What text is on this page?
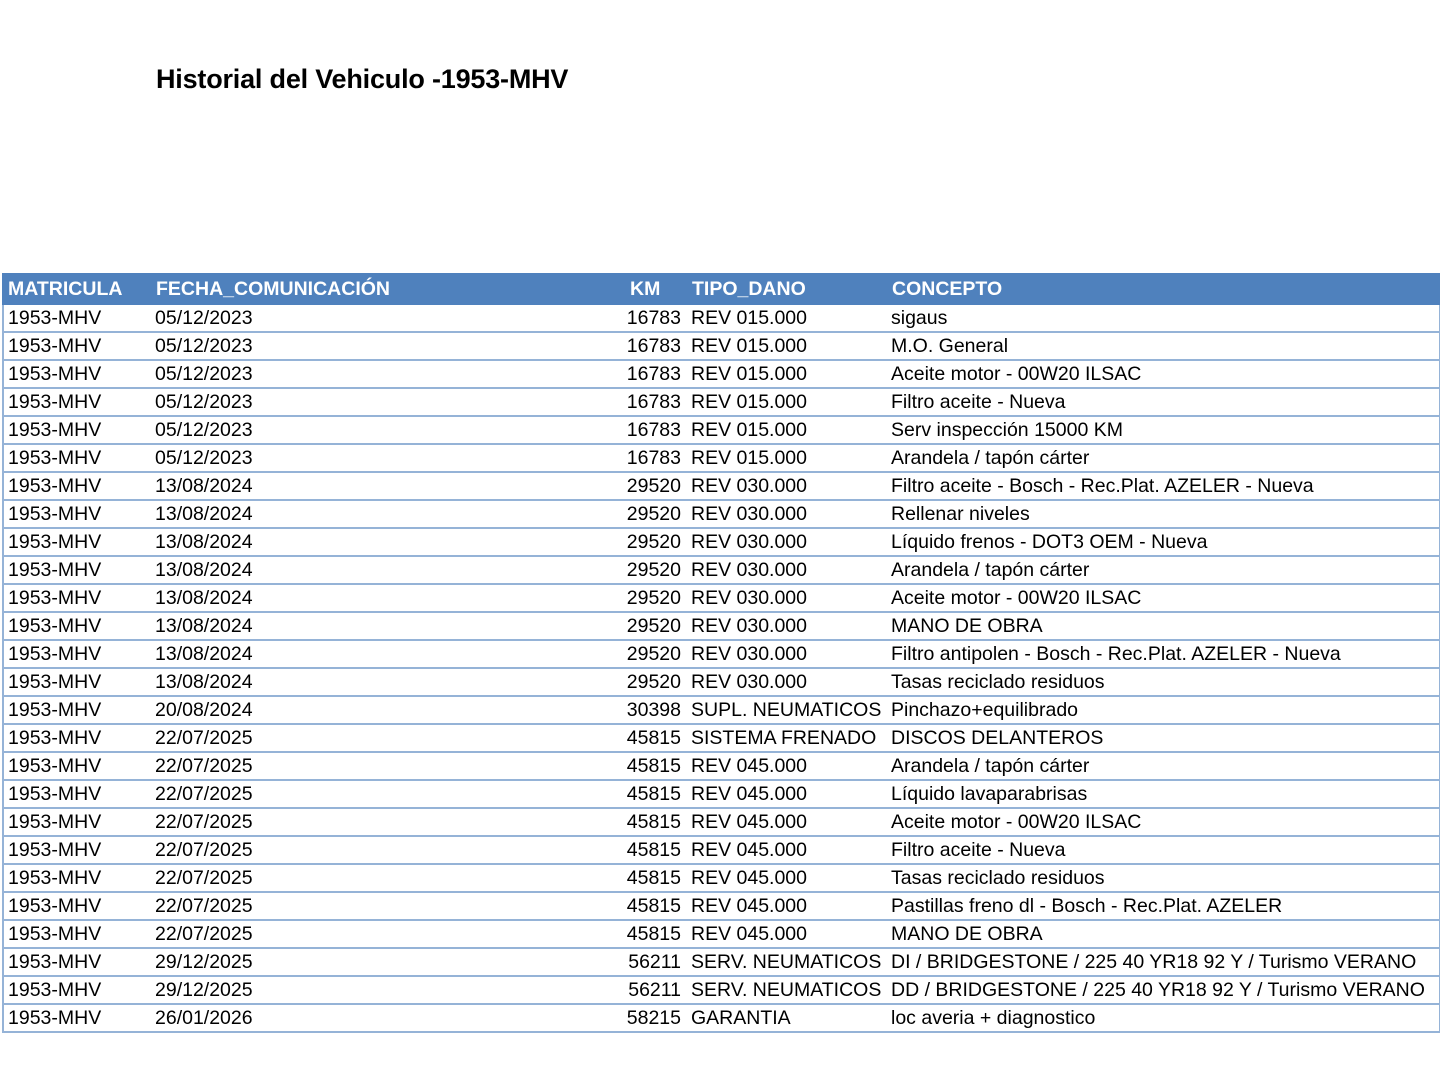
Historial del Vehiculo -1953-MHV
MATRICULA	FECHA_COMUNICACIÓN	KM	TIPO_DANO	CONCEPTO
1953-MHV	05/12/2023	16783	REV 015.000	sigaus
1953-MHV	05/12/2023	16783	REV 015.000	M.O. General
1953-MHV	05/12/2023	16783	REV 015.000	Aceite motor - 00W20 ILSAC
1953-MHV	05/12/2023	16783	REV 015.000	Filtro aceite - Nueva
1953-MHV	05/12/2023	16783	REV 015.000	Serv inspección 15000 KM
1953-MHV	05/12/2023	16783	REV 015.000	Arandela / tapón cárter
1953-MHV	13/08/2024	29520	REV 030.000	Filtro aceite - Bosch - Rec.Plat. AZELER - Nueva
1953-MHV	13/08/2024	29520	REV 030.000	Rellenar niveles
1953-MHV	13/08/2024	29520	REV 030.000	Líquido frenos - DOT3 OEM - Nueva
1953-MHV	13/08/2024	29520	REV 030.000	Arandela / tapón cárter
1953-MHV	13/08/2024	29520	REV 030.000	Aceite motor - 00W20 ILSAC
1953-MHV	13/08/2024	29520	REV 030.000	MANO DE OBRA
1953-MHV	13/08/2024	29520	REV 030.000	Filtro antipolen - Bosch - Rec.Plat. AZELER - Nueva
1953-MHV	13/08/2024	29520	REV 030.000	Tasas reciclado residuos
1953-MHV	20/08/2024	30398	SUPL. NEUMATICOS	Pinchazo+equilibrado
1953-MHV	22/07/2025	45815	SISTEMA FRENADO	DISCOS DELANTEROS
1953-MHV	22/07/2025	45815	REV 045.000	Arandela / tapón cárter
1953-MHV	22/07/2025	45815	REV 045.000	Líquido lavaparabrisas
1953-MHV	22/07/2025	45815	REV 045.000	Aceite motor - 00W20 ILSAC
1953-MHV	22/07/2025	45815	REV 045.000	Filtro aceite - Nueva
1953-MHV	22/07/2025	45815	REV 045.000	Tasas reciclado residuos
1953-MHV	22/07/2025	45815	REV 045.000	Pastillas freno dl - Bosch - Rec.Plat. AZELER
1953-MHV	22/07/2025	45815	REV 045.000	MANO DE OBRA
1953-MHV	29/12/2025	56211	SERV. NEUMATICOS	DI / BRIDGESTONE / 225 40 YR18 92 Y / Turismo VERANO
1953-MHV	29/12/2025	56211	SERV. NEUMATICOS	DD / BRIDGESTONE / 225 40 YR18 92 Y / Turismo VERANO
1953-MHV	26/01/2026	58215	GARANTIA	loc averia + diagnostico
